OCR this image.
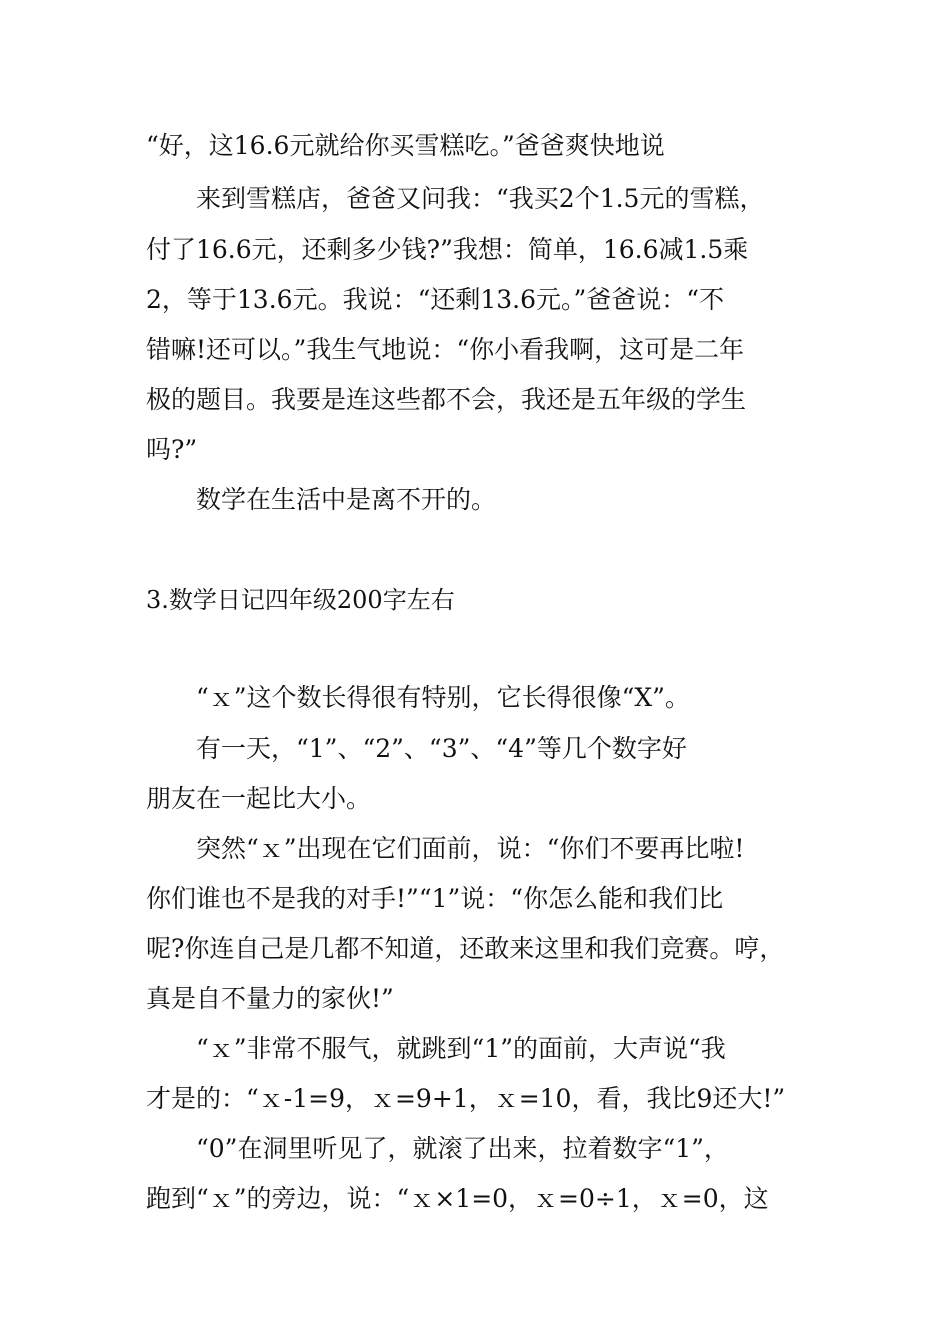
“好，这16.6元就给你买雪糕吃。”爸爸爽快地说
来到雪糕店，爸爸又问我：“我买2个1.5元的雪糕，
付了16.6元，还剩多少钱?”我想：简单，16.6减1.5乘
2，等于13.6元。我说：“还剩13.6元。”爸爸说：“不
错嘛!还可以。”我生气地说：“你小看我啊，这可是二年
极的题目。我要是连这些都不会，我还是五年级的学生
吗?”
数学在生活中是离不开的。
3.数学日记四年级200字左右
“ｘ”这个数长得很有特别，它长得很像“X”。
有一天，“1”、“2”、“3”、“4”等几个数字好
朋友在一起比大小。
突然“ｘ”出现在它们面前，说：“你们不要再比啦!
你们谁也不是我的对手!”“1”说：“你怎么能和我们比
呢?你连自己是几都不知道，还敢来这里和我们竞赛。哼，
真是自不量力的家伙!”
“ｘ”非常不服气，就跳到“1”的面前，大声说“我
才是的：“ｘ-1=9，ｘ=9+1，ｘ=10，看，我比9还大!”
“0”在洞里听见了，就滚了出来，拉着数字“1”，
跑到“ｘ”的旁边，说：“ｘ×1=0，ｘ=0÷1，ｘ=0，这
